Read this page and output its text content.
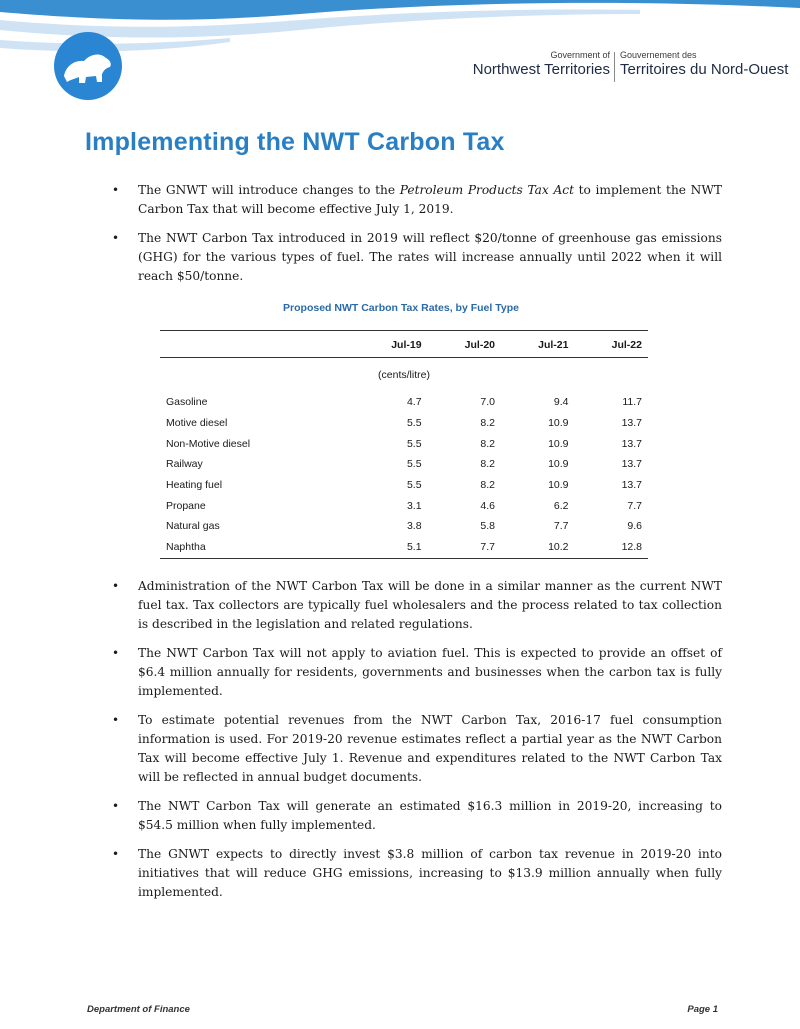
Government of
Northwest Territories
Gouvernement des
Territoires du Nord-Ouest
Implementing the NWT Carbon Tax
• The GNWT will introduce changes to the Petroleum Products Tax Act to implement the NWT Carbon Tax that will become effective July 1, 2019.
• The NWT Carbon Tax introduced in 2019 will reflect $20/tonne of greenhouse gas emissions (GHG) for the various types of fuel. The rates will increase annually until 2022 when it will reach $50/tonne.
Proposed NWT Carbon Tax Rates, by Fuel Type
	Jul-19	Jul-20	Jul-21	Jul-22
(cents/litre)				
Gasoline	4.7	7.0	9.4	11.7
Motive diesel	5.5	8.2	10.9	13.7
Non-Motive diesel	5.5	8.2	10.9	13.7
Railway	5.5	8.2	10.9	13.7
Heating fuel	5.5	8.2	10.9	13.7
Propane	3.1	4.6	6.2	7.7
Natural gas	3.8	5.8	7.7	9.6
Naphtha	5.1	7.7	10.2	12.8
• Administration of the NWT Carbon Tax will be done in a similar manner as the current NWT fuel tax. Tax collectors are typically fuel wholesalers and the process related to tax collection is described in the legislation and related regulations.
• The NWT Carbon Tax will not apply to aviation fuel. This is expected to provide an offset of $6.4 million annually for residents, governments and businesses when the carbon tax is fully implemented.
• To estimate potential revenues from the NWT Carbon Tax, 2016-17 fuel consumption information is used. For 2019-20 revenue estimates reflect a partial year as the NWT Carbon Tax will become effective July 1. Revenue and expenditures related to the NWT Carbon Tax will be reflected in annual budget documents.
• The NWT Carbon Tax will generate an estimated $16.3 million in 2019-20, increasing to $54.5 million when fully implemented.
• The GNWT expects to directly invest $3.8 million of carbon tax revenue in 2019-20 into initiatives that will reduce GHG emissions, increasing to $13.9 million annually when fully implemented.
Department of Finance	Page 1
